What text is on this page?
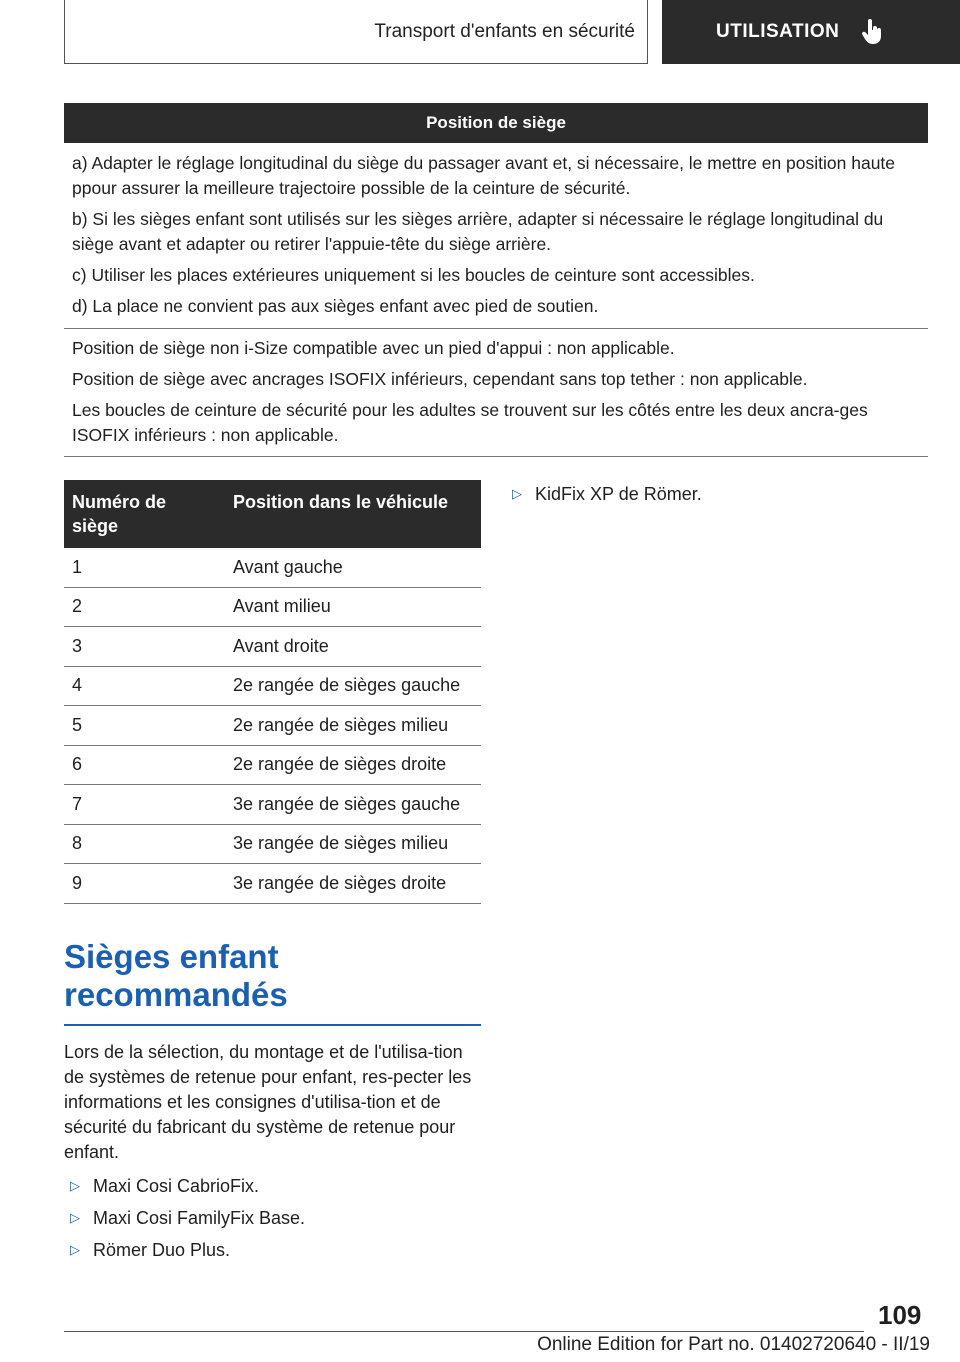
Transport d'enfants en sécurité	UTILISATION
Position de siège

a) Adapter le réglage longitudinal du siège du passager avant et, si nécessaire, le mettre en position haute ppour assurer la meilleure trajectoire possible de la ceinture de sécurité.

b) Si les sièges enfant sont utilisés sur les sièges arrière, adapter si nécessaire le réglage longitudinal du siège avant et adapter ou retirer l'appuie-tête du siège arrière.

c) Utiliser les places extérieures uniquement si les boucles de ceinture sont accessibles.

d) La place ne convient pas aux sièges enfant avec pied de soutien.

Position de siège non i-Size compatible avec un pied d'appui : non applicable.

Position de siège avec ancrages ISOFIX inférieurs, cependant sans top tether : non applicable.

Les boucles de ceinture de sécurité pour les adultes se trouvent sur les côtés entre les deux ancra-ges ISOFIX inférieurs : non applicable.

Numéro de siège	Position dans le véhicule
1	Avant gauche
2	Avant milieu
3	Avant droite
4	2e rangée de sièges gauche
5	2e rangée de sièges milieu
6	2e rangée de sièges droite
7	3e rangée de sièges gauche
8	3e rangée de sièges milieu
9	3e rangée de sièges droite
Sièges enfant recommandés

Lors de la sélection, du montage et de l'utilisa-tion de systèmes de retenue pour enfant, res-pecter les informations et les consignes d'utilisa-tion et de sécurité du fabricant du système de retenue pour enfant.

▷ Maxi Cosi CabrioFix.
▷ Maxi Cosi FamilyFix Base.
▷ Römer Duo Plus.
▷ KidFix XP de Römer.
109
Online Edition for Part no. 01402720640 - II/19
